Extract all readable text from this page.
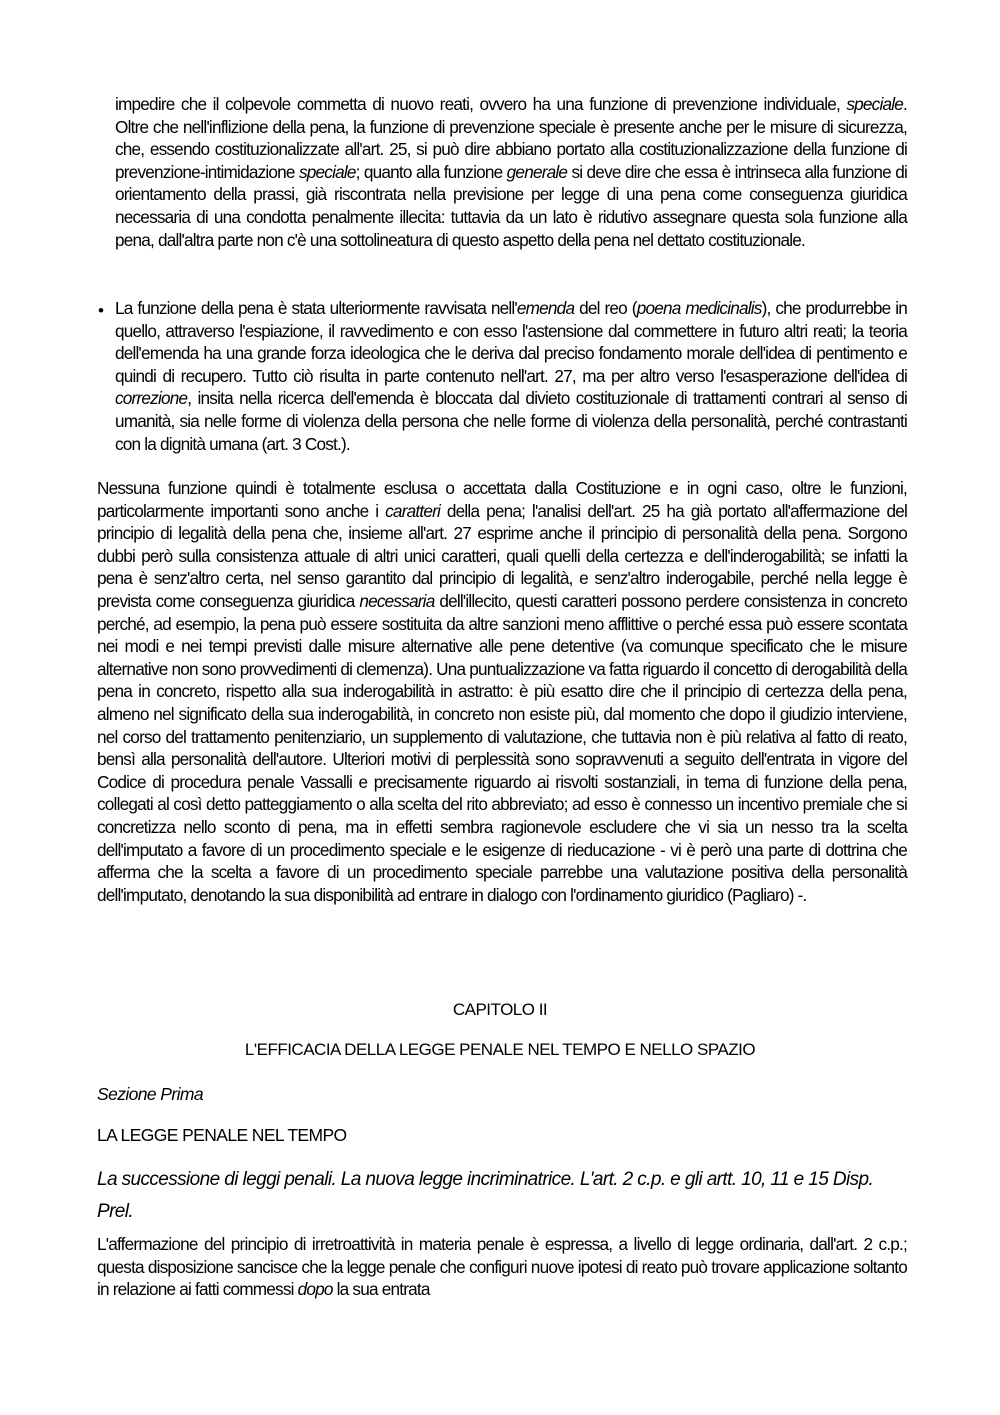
impedire che il colpevole commetta di nuovo reati, ovvero ha una funzione di prevenzione individuale, speciale. Oltre che nell'inflizione della pena, la funzione di prevenzione speciale è presente anche per le misure di sicurezza, che, essendo costituzionalizzate all'art. 25, si può dire abbiano portato alla costituzionalizzazione della funzione di prevenzione-intimidazione speciale; quanto alla funzione generale si deve dire che essa è intrinseca alla funzione di orientamento della prassi, già riscontrata nella previsione per legge di una pena come conseguenza giuridica necessaria di una condotta penalmente illecita: tuttavia da un lato è ridutivo assegnare questa sola funzione alla pena, dall'altra parte non c'è una sottolineatura di questo aspetto della pena nel dettato costituzionale.

• La funzione della pena è stata ulteriormente ravvisata nell'emenda del reo (poena medicinalis), che produrrebbe in quello, attraverso l'espiazione, il ravvedimento e con esso l'astensione dal commettere in futuro altri reati; la teoria dell'emenda ha una grande forza ideologica che le deriva dal preciso fondamento morale dell'idea di pentimento e quindi di recupero. Tutto ciò risulta in parte contenuto nell'art. 27, ma per altro verso l'esasperazione dell'idea di correzione, insita nella ricerca dell'emenda è bloccata dal divieto costituzionale di trattamenti contrari al senso di umanità, sia nelle forme di violenza della persona che nelle forme di violenza della personalità, perché contrastanti con la dignità umana (art. 3 Cost.).

Nessuna funzione quindi è totalmente esclusa o accettata dalla Costituzione e in ogni caso, oltre le funzioni, particolarmente importanti sono anche i caratteri della pena; l'analisi dell'art. 25 ha già portato all'affermazione del principio di legalità della pena che, insieme all'art. 27 esprime anche il principio di personalità della pena. Sorgono dubbi però sulla consistenza attuale di altri unici caratteri, quali quelli della certezza e dell'inderogabilità; se infatti la pena è senz'altro certa, nel senso garantito dal principio di legalità, e senz'altro inderogabile, perché nella legge è prevista come conseguenza giuridica necessaria dell'illecito, questi caratteri possono perdere consistenza in concreto perché, ad esempio, la pena può essere sostituita da altre sanzioni meno afflittive o perché essa può essere scontata nei modi e nei tempi previsti dalle misure alternative alle pene detentive (va comunque specificato che le misure alternative non sono provvedimenti di clemenza). Una puntualizzazione va fatta riguardo il concetto di derogabilità della pena in concreto, rispetto alla sua inderogabilità in astratto: è più esatto dire che il principio di certezza della pena, almeno nel significato della sua inderogabilità, in concreto non esiste più, dal momento che dopo il giudizio interviene, nel corso del trattamento penitenziario, un supplemento di valutazione, che tuttavia non è più relativa al fatto di reato, bensì alla personalità dell'autore. Ulteriori motivi di perplessità sono sopravvenuti a seguito dell'entrata in vigore del Codice di procedura penale Vassalli e precisamente riguardo ai risvolti sostanziali, in tema di funzione della pena, collegati al così detto patteggiamento o alla scelta del rito abbreviato; ad esso è connesso un incentivo premiale che si concretizza nello sconto di pena, ma in effetti sembra ragionevole escludere che vi sia un nesso tra la scelta dell'imputato a favore di un procedimento speciale e le esigenze di rieducazione - vi è però una parte di dottrina che afferma che la scelta a favore di un procedimento speciale parrebbe una valutazione positiva della personalità dell'imputato, denotando la sua disponibilità ad entrare in dialogo con l'ordinamento giuridico (Pagliaro) -.

CAPITOLO II
L'EFFICACIA DELLA LEGGE PENALE NEL TEMPO E NELLO SPAZIO
Sezione Prima
LA LEGGE PENALE NEL TEMPO
La successione di leggi penali. La nuova legge incriminatrice. L'art. 2 c.p. e gli artt. 10, 11 e 15 Disp. Prel.

L'affermazione del principio di irretroattività in materia penale è espressa, a livello di legge ordinaria, dall'art. 2 c.p.; questa disposizione sancisce che la legge penale che configuri nuove ipotesi di reato può trovare applicazione soltanto in relazione ai fatti commessi dopo la sua entrata
